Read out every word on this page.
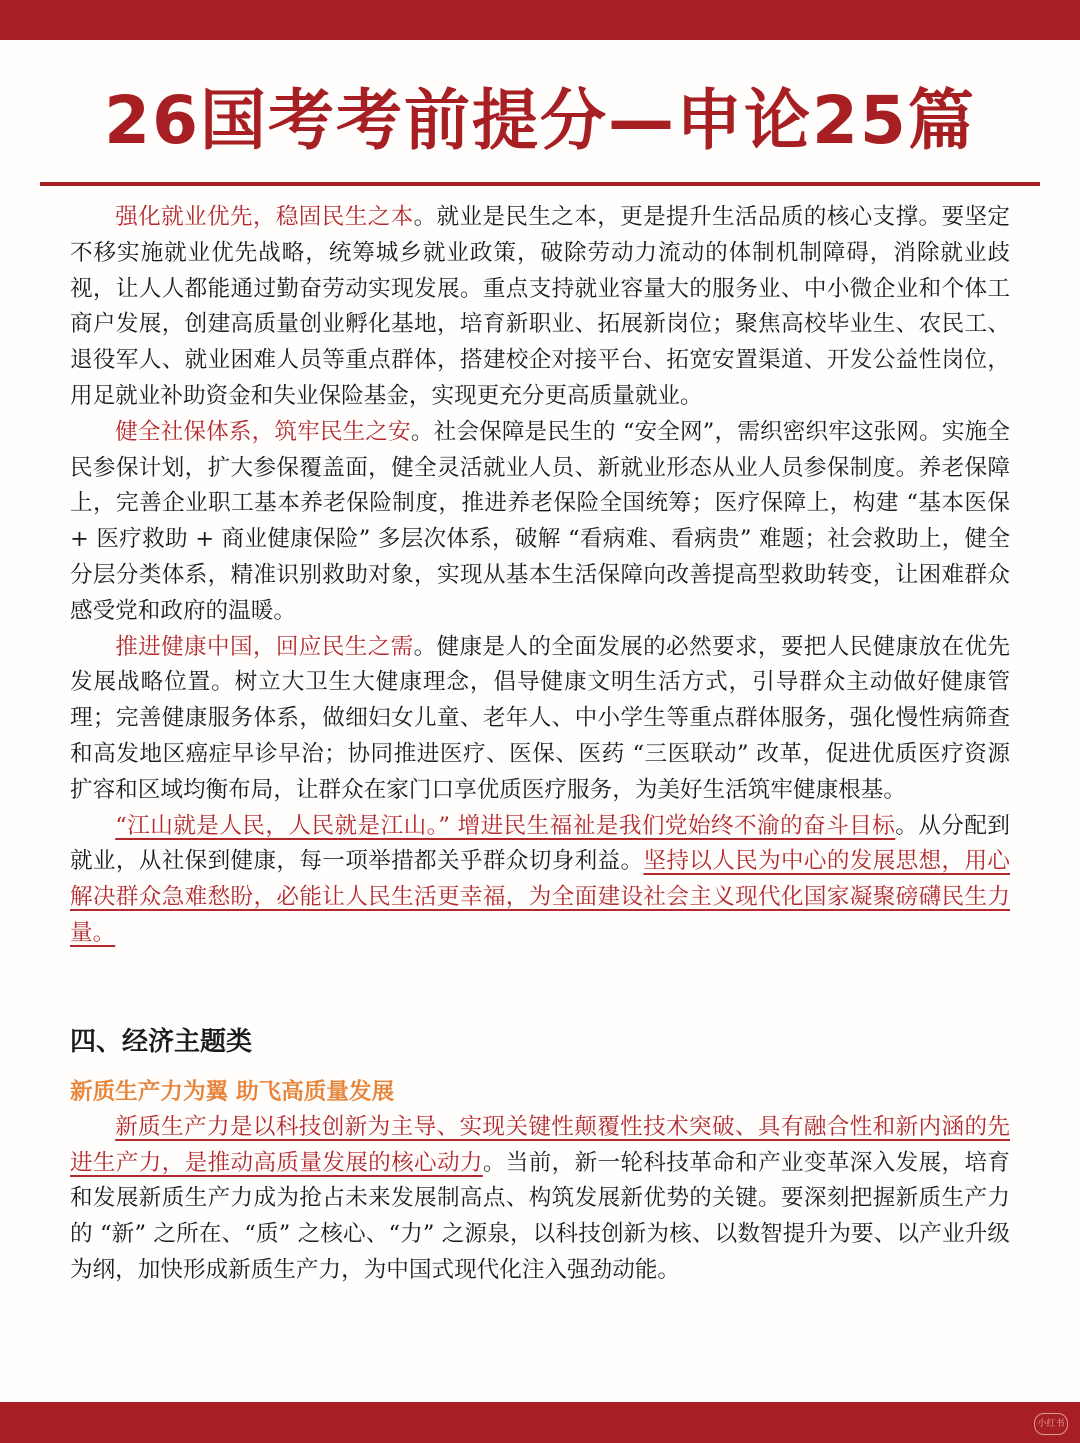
26国考考前提分—申论25篇

强化就业优先，稳固民生之本。就业是民生之本，更是提升生活品质的核心支撑。要坚定不移实施就业优先战略，统筹城乡就业政策，破除劳动力流动的体制机制障碍，消除就业歧视，让人人都能通过勤奋劳动实现发展。重点支持就业容量大的服务业、中小微企业和个体工商户发展，创建高质量创业孵化基地，培育新职业、拓展新岗位；聚焦高校毕业生、农民工、退役军人、就业困难人员等重点群体，搭建校企对接平台、拓宽安置渠道、开发公益性岗位，用足就业补助资金和失业保险基金，实现更充分更高质量就业。

健全社保体系，筑牢民生之安。社会保障是民生的 “安全网”，需织密织牢这张网。实施全民参保计划，扩大参保覆盖面，健全灵活就业人员、新就业形态从业人员参保制度。养老保障上，完善企业职工基本养老保险制度，推进养老保险全国统筹；医疗保障上，构建 “基本医保 + 医疗救助 + 商业健康保险” 多层次体系，破解 “看病难、看病贵” 难题；社会救助上，健全分层分类体系，精准识别救助对象，实现从基本生活保障向改善提高型救助转变，让困难群众感受党和政府的温暖。

推进健康中国，回应民生之需。健康是人的全面发展的必然要求，要把人民健康放在优先发展战略位置。树立大卫生大健康理念，倡导健康文明生活方式，引导群众主动做好健康管理；完善健康服务体系，做细妇女儿童、老年人、中小学生等重点群体服务，强化慢性病筛查和高发地区癌症早诊早治；协同推进医疗、医保、医药 “三医联动” 改革，促进优质医疗资源扩容和区域均衡布局，让群众在家门口享优质医疗服务，为美好生活筑牢健康根基。

“江山就是人民，人民就是江山。” 增进民生福祉是我们党始终不渝的奋斗目标。从分配到就业，从社保到健康，每一项举措都关乎群众切身利益。坚持以人民为中心的发展思想，用心解决群众急难愁盼，必能让人民生活更幸福，为全面建设社会主义现代化国家凝聚磅礴民生力量。

四、经济主题类
新质生产力为翼 助飞高质量发展

新质生产力是以科技创新为主导、实现关键性颠覆性技术突破、具有融合性和新内涵的先进生产力，是推动高质量发展的核心动力。当前，新一轮科技革命和产业变革深入发展，培育和发展新质生产力成为抢占未来发展制高点、构筑发展新优势的关键。要深刻把握新质生产力的 “新” 之所在、“质” 之核心、“力” 之源泉，以科技创新为核、以数智提升为要、以产业升级为纲，加快形成新质生产力，为中国式现代化注入强劲动能。

小红书
